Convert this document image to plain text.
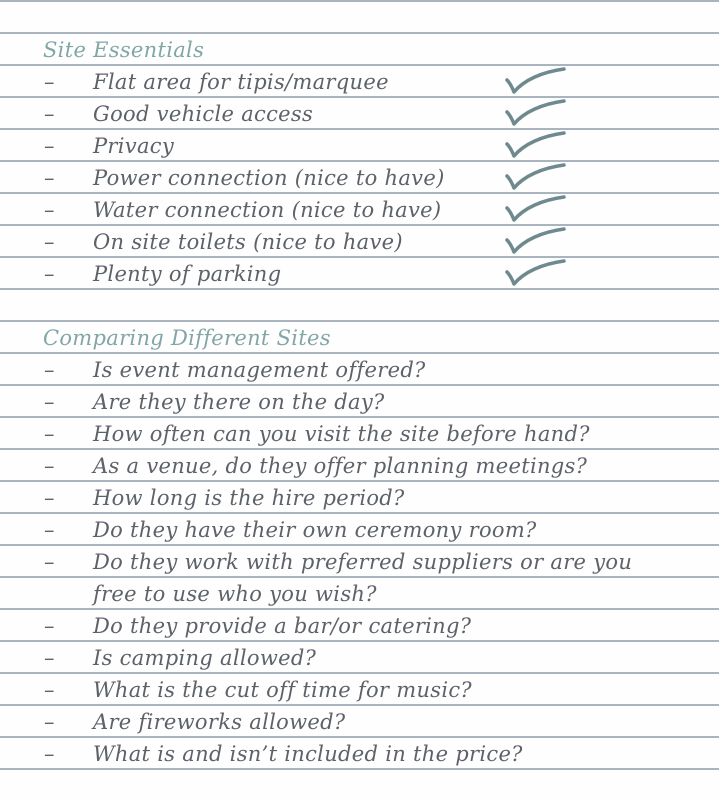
Site Essentials
– Flat area for tipis/marquee
– Good vehicle access
– Privacy
– Power connection (nice to have)
– Water connection (nice to have)
– On site toilets (nice to have)
– Plenty of parking
Comparing Different Sites
– Is event management offered?
– Are they there on the day?
– How often can you visit the site before hand?
– As a venue, do they offer planning meetings?
– How long is the hire period?
– Do they have their own ceremony room?
– Do they work with preferred suppliers or are you
free to use who you wish?
– Do they provide a bar/or catering?
– Is camping allowed?
– What is the cut off time for music?
– Are fireworks allowed?
– What is and isn’t included in the price?
